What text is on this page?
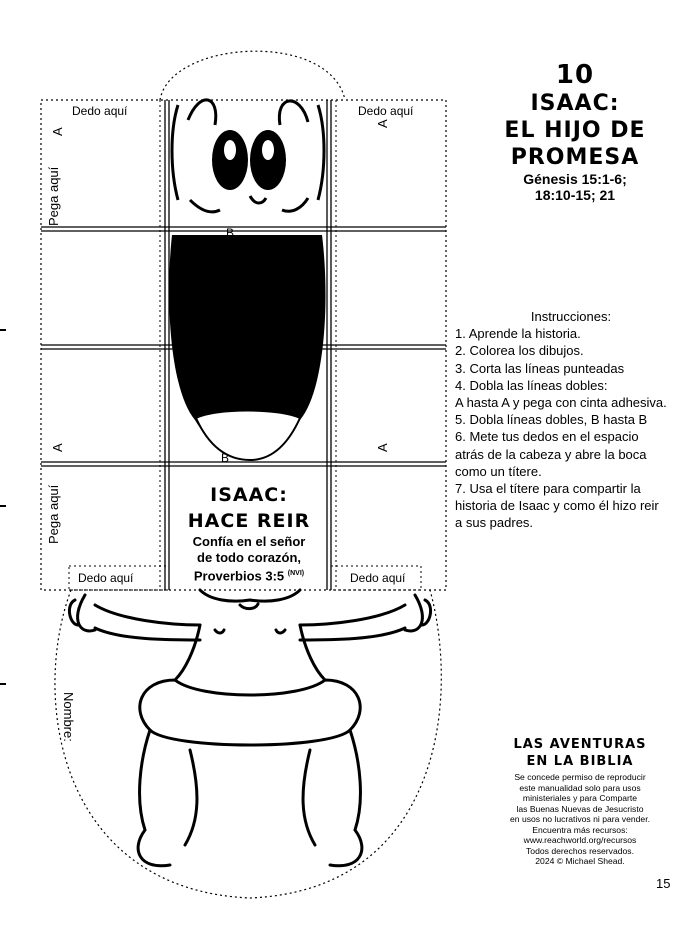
Dedo aquí	Dedo aquí
Dedo aquí	Dedo aquí
Pega aquí
Pega aquí
A
A
A
A
B
B
Nombre:
ISAAC:
HACE REIR
Confía en el señor
de todo corazón,
Proverbios 3:5 $^{(NVI)}$
10
ISAAC:
EL HIJO DE
PROMESA
Génesis 15:1-6;
18:10-15; 21
Instrucciones:
1. Aprende la historia.
2. Colorea los dibujos.
3. Corta las líneas punteadas
4. Dobla las líneas dobles:
A hasta A y pega con cinta adhesiva.
5. Dobla líneas dobles, B hasta B
6. Mete tus dedos en el espacio
atrás de la cabeza y abre la boca
como un títere.
7. Usa el títere para compartir la
historia de Isaac y como él hizo reir
a sus padres.
LAS AVENTURAS
EN LA BIBLIA
Se concede permiso de reproducir
este manualidad solo para usos
ministeriales y para Comparte
las Buenas Nuevas de Jesucristo
en usos no lucrativos ni para vender.
Encuentra más recursos:
www.reachworld.org/recursos
Todos derechos reservados.
2024 © Michael Shead.
15
